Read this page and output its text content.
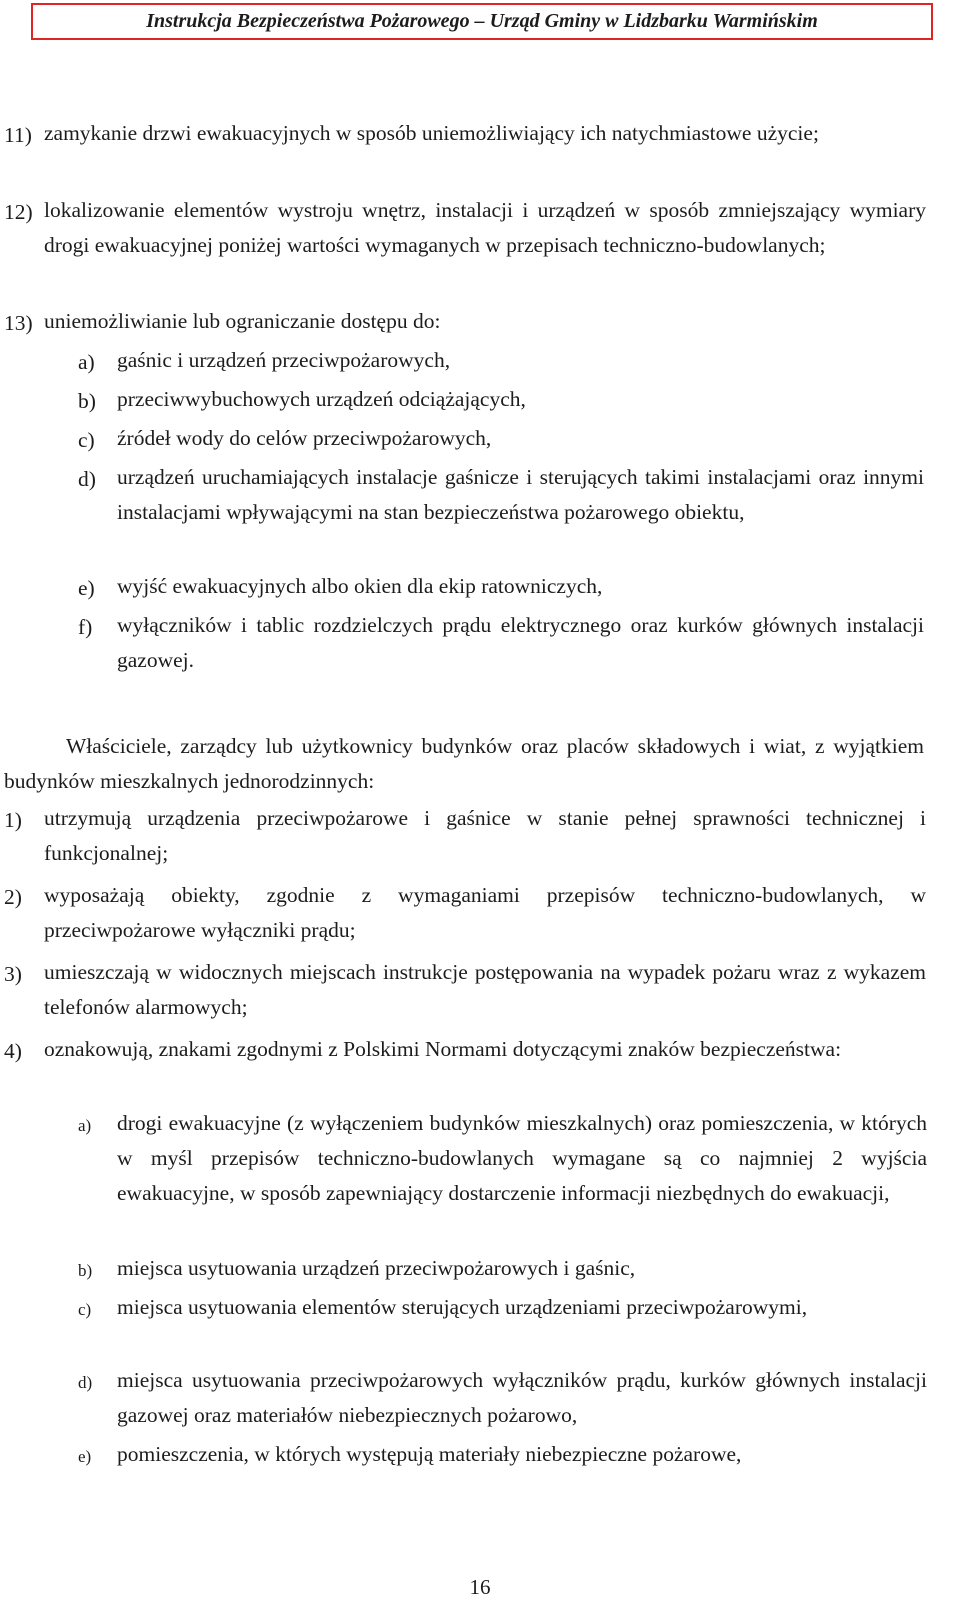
Instrukcja Bezpieczeństwa Pożarowego – Urząd Gminy w Lidzbarku Warmińskim
11) zamykanie drzwi ewakuacyjnych w sposób uniemożliwiający ich natychmiastowe użycie;
12) lokalizowanie elementów wystroju wnętrz, instalacji i urządzeń w sposób zmniejszający wymiary drogi ewakuacyjnej poniżej wartości wymaganych w przepisach techniczno-budowlanych;
13) uniemożliwianie lub ograniczanie dostępu do:
a)	gaśnic i urządzeń przeciwpożarowych,
b) przeciwwybuchowych urządzeń odciążających,
c)	źródeł wody do celów przeciwpożarowych,
d) urządzeń uruchamiających instalacje gaśnicze i sterujących takimi instalacjami oraz innymi instalacjami wpływającymi na stan bezpieczeństwa pożarowego obiektu,
e)	wyjść ewakuacyjnych albo okien dla ekip ratowniczych,
f)	wyłączników i tablic rozdzielczych prądu elektrycznego oraz kurków głównych instalacji gazowej.
Właściciele, zarządcy lub użytkownicy budynków oraz placów składowych i wiat, z wyjątkiem budynków mieszkalnych jednorodzinnych:
1)	utrzymują urządzenia przeciwpożarowe i gaśnice w stanie pełnej sprawności technicznej i funkcjonalnej;
2)	wyposażają obiekty, zgodnie z wymaganiami przepisów techniczno-budowlanych, w przeciwpożarowe wyłączniki prądu;
3)	umieszczają w widocznych miejscach instrukcje postępowania na wypadek pożaru wraz z wykazem telefonów alarmowych;
4)	oznakowują, znakami zgodnymi z Polskimi Normami dotyczącymi znaków bezpieczeństwa:
a)	drogi ewakuacyjne (z wyłączeniem budynków mieszkalnych) oraz pomieszczenia, w których w myśl przepisów techniczno-budowlanych wymagane są co najmniej 2 wyjścia ewakuacyjne, w sposób zapewniający dostarczenie informacji niezbędnych do ewakuacji,
b)	miejsca usytuowania urządzeń przeciwpożarowych i gaśnic,
c)	miejsca usytuowania elementów sterujących urządzeniami przeciwpożarowymi,
d)	miejsca usytuowania przeciwpożarowych wyłączników prądu, kurków głównych instalacji gazowej oraz materiałów niebezpiecznych pożarowo,
e)	pomieszczenia, w których występują materiały niebezpieczne pożarowe,
16
